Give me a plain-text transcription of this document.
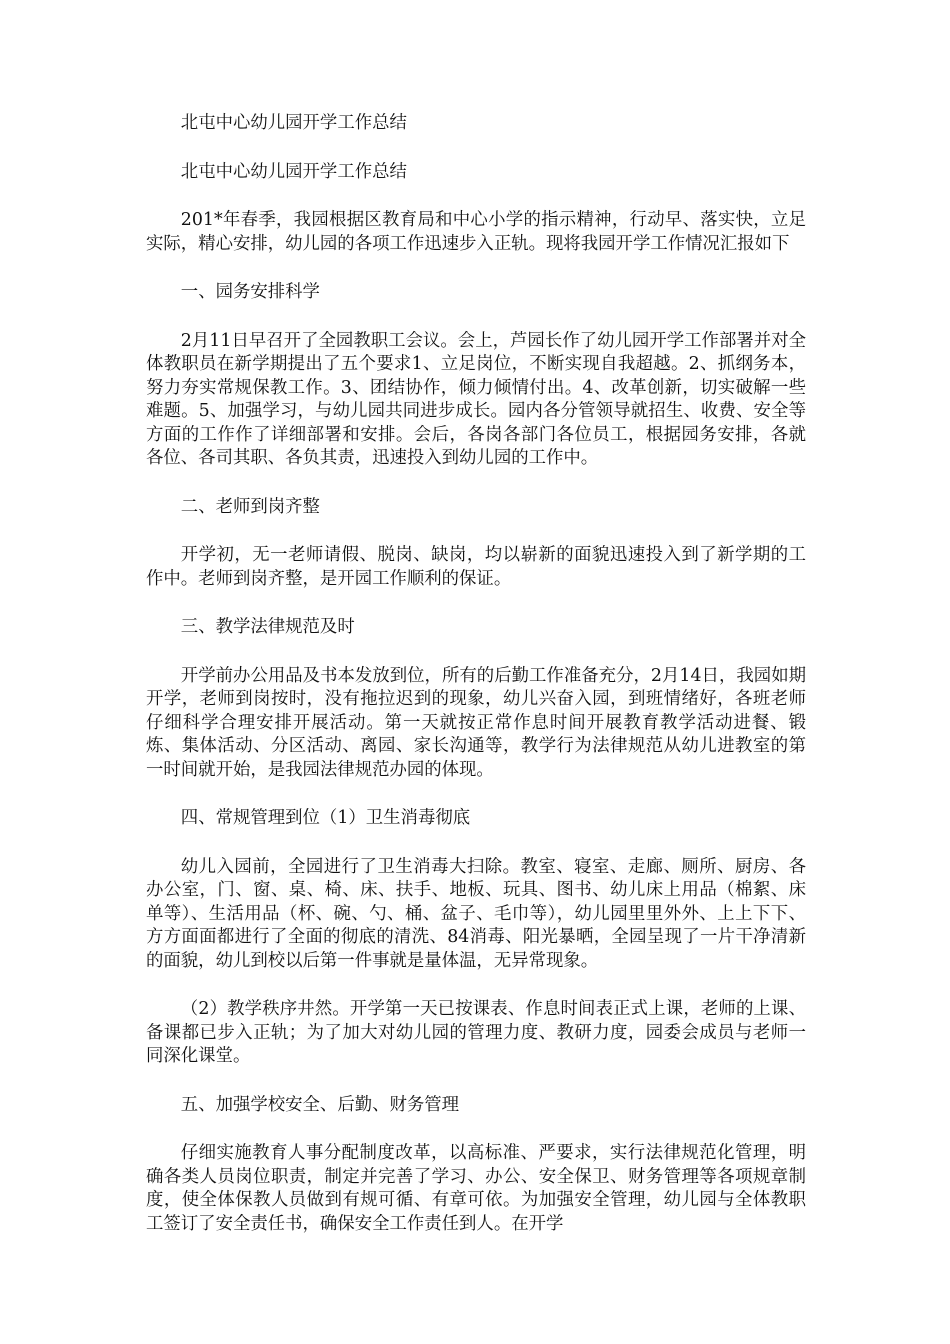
北屯中心幼儿园开学工作总结

北屯中心幼儿园开学工作总结

201*年春季，我园根据区教育局和中心小学的指示精神，行动早、落实快，立足实际，精心安排，幼儿园的各项工作迅速步入正轨。现将我园开学工作情况汇报如下

一、园务安排科学

2月11日早召开了全园教职工会议。会上，芦园长作了幼儿园开学工作部署并对全体教职员在新学期提出了五个要求1、立足岗位，不断实现自我超越。2、抓纲务本，努力夯实常规保教工作。3、团结协作，倾力倾情付出。4、改革创新，切实破解一些难题。5、加强学习，与幼儿园共同进步成长。园内各分管领导就招生、收费、安全等方面的工作作了详细部署和安排。会后，各岗各部门各位员工，根据园务安排，各就各位、各司其职、各负其责，迅速投入到幼儿园的工作中。

二、老师到岗齐整

开学初，无一老师请假、脱岗、缺岗，均以崭新的面貌迅速投入到了新学期的工作中。老师到岗齐整，是开园工作顺利的保证。

三、教学法律规范及时

开学前办公用品及书本发放到位，所有的后勤工作准备充分，2月14日，我园如期开学，老师到岗按时，没有拖拉迟到的现象，幼儿兴奋入园，到班情绪好，各班老师仔细科学合理安排开展活动。第一天就按正常作息时间开展教育教学活动进餐、锻炼、集体活动、分区活动、离园、家长沟通等，教学行为法律规范从幼儿进教室的第一时间就开始，是我园法律规范办园的体现。

四、常规管理到位（1）卫生消毒彻底

幼儿入园前，全园进行了卫生消毒大扫除。教室、寝室、走廊、厕所、厨房、各办公室，门、窗、桌、椅、床、扶手、地板、玩具、图书、幼儿床上用品（棉絮、床单等）、生活用品（杯、碗、勺、桶、盆子、毛巾等），幼儿园里里外外、上上下下、方方面面都进行了全面的彻底的清洗、84消毒、阳光暴晒，全园呈现了一片干净清新的面貌，幼儿到校以后第一件事就是量体温，无异常现象。

（2）教学秩序井然。开学第一天已按课表、作息时间表正式上课，老师的上课、备课都已步入正轨；为了加大对幼儿园的管理力度、教研力度，园委会成员与老师一同深化课堂。

五、加强学校安全、后勤、财务管理

仔细实施教育人事分配制度改革，以高标准、严要求，实行法律规范化管理，明确各类人员岗位职责，制定并完善了学习、办公、安全保卫、财务管理等各项规章制度，使全体保教人员做到有规可循、有章可依。为加强安全管理，幼儿园与全体教职工签订了安全责任书，确保安全工作责任到人。在开学
